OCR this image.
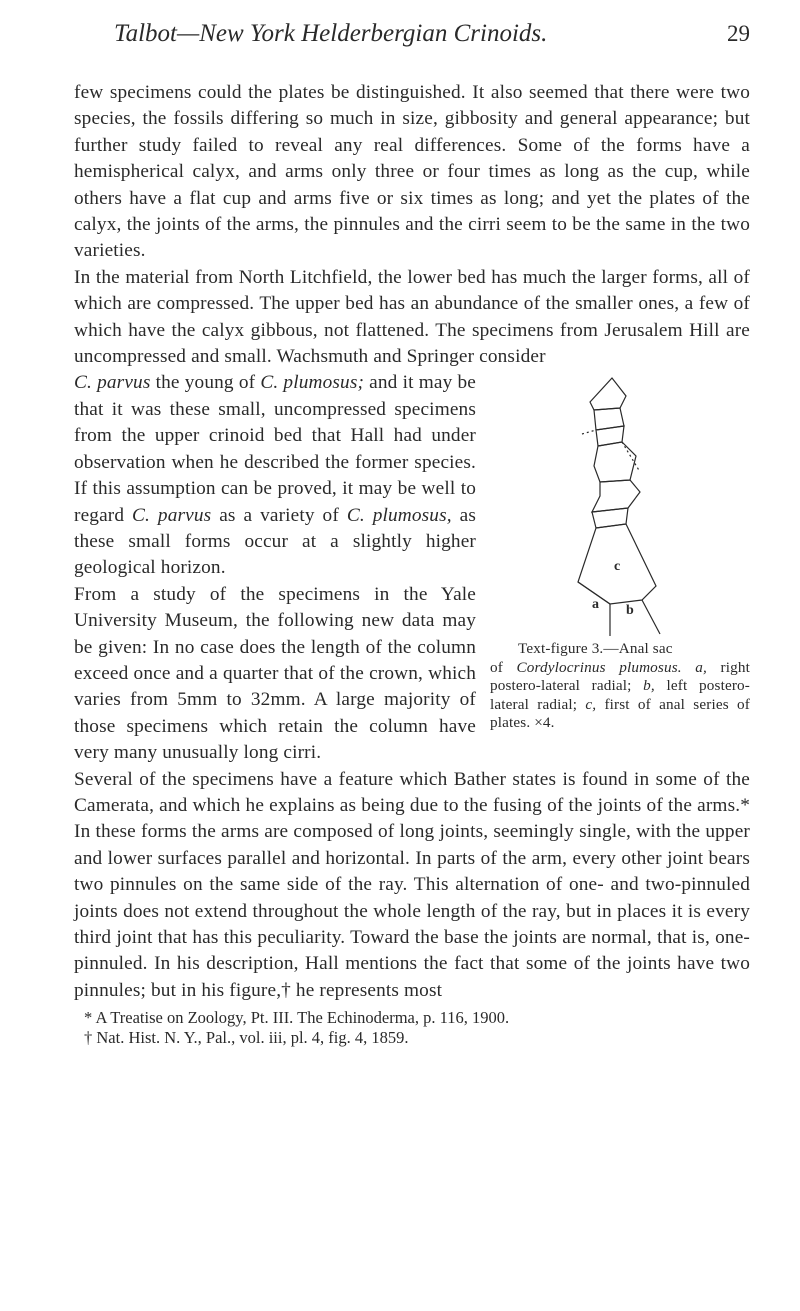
Talbot—New York Helderbergian Crinoids.	29

few specimens could the plates be distinguished. It also seemed that there were two species, the fossils differing so much in size, gibbosity and general appearance; but further study failed to reveal any real differences. Some of the forms have a hemispherical calyx, and arms only three or four times as long as the cup, while others have a flat cup and arms five or six times as long; and yet the plates of the calyx, the joints of the arms, the pinnules and the cirri seem to be the same in the two varieties.

In the material from North Litchfield, the lower bed has much the larger forms, all of which are compressed. The upper bed has an abundance of the smaller ones, a few of which have the calyx gibbous, not flattened. The specimens from Jerusalem Hill are uncompressed and small. Wachsmuth and Springer consider

c
a b
Text-figure 3.—Anal sac
of Cordylocrinus plumosus. a, right postero-lateral radial; b, left postero-lateral radial; c, first of anal series of plates. ×4.

C. parvus the young of C. plumosus; and it may be that it was these small, uncompressed specimens from the upper crinoid bed that Hall had under observation when he described the former species. If this assumption can be proved, it may be well to regard C. parvus as a variety of C. plumosus, as these small forms occur at a slightly higher geological horizon.

From a study of the specimens in the Yale University Museum, the following new data may be given: In no case does the length of the column exceed once and a quarter that of the crown, which varies from 5mm to 32mm. A large majority of those specimens which retain the column have very many unusually long cirri.

Several of the specimens have a feature which Bather states is found in some of the Camerata, and which he explains as being due to the fusing of the joints of the arms.* In these forms the arms are composed of long joints, seemingly single, with the upper and lower surfaces parallel and horizontal. In parts of the arm, every other joint bears two pinnules on the same side of the ray. This alternation of one- and two-pinnuled joints does not extend throughout the whole length of the ray, but in places it is every third joint that has this peculiarity. Toward the base the joints are normal, that is, one-pinnuled. In his description, Hall mentions the fact that some of the joints have two pinnules; but in his figure,† he represents most

* A Treatise on Zoology, Pt. III. The Echinoderma, p. 116, 1900.

† Nat. Hist. N. Y., Pal., vol. iii, pl. 4, fig. 4, 1859.
